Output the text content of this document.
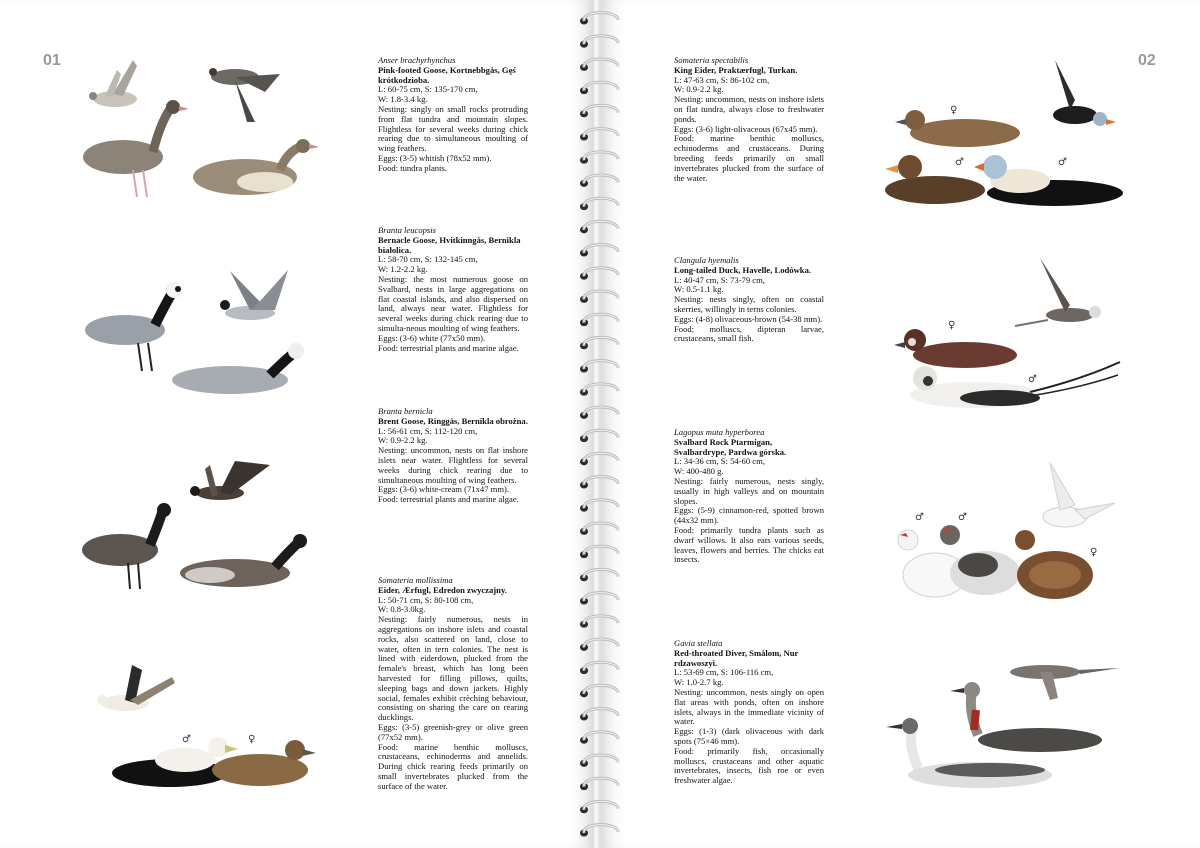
01	02
♂	♀
♀
♂	♂
♀
♂
♂	♂
♀
Anser brachyrhynchus
Pink-footed Goose, Kortnebbgås, Gęś krótkodzioba.
L: 60-75 cm, S: 135-170 cm,
W: 1.8-3.4 kg.
Nesting: singly on small rocks protruding from flat tundra and mountain slopes. Flightless for several weeks during chick rearing due to simultaneous moulting of wing feathers.
Eggs: (3-5) whitish (78x52 mm).
Food: tundra plants.
Branta leucopsis
Bernacle Goose, Hvitkinngås, Bernikla białolica.
L: 58-70 cm, S: 132-145 cm,
W: 1.2-2.2 kg.
Nesting: the most numerous goose on Svalbard, nests in large aggregations on flat coastal islands, and also dispersed on land, always near water. Flightless for several weeks during chick rearing due to simulta-neous moulting of wing feathers.
Eggs: (3-6) white (77x50 mm).
Food: terrestrial plants and marine algae.
Branta bernicla
Brent Goose, Ringgås, Bernikla obrożna.
L: 56-61 cm, S: 112-120 cm,
W: 0.9-2.2 kg.
Nesting: uncommon, nests on flat inshore islets near water. Flightless for several weeks during chick rearing due to simultaneous moulting of wing feathers.
Eggs: (3-6) white-cream (71x47 mm).
Food: terrestrial plants and marine algae.
Somateria mollissima
Eider, Ærfugl, Edredon zwyczajny.
L: 50-71 cm, S: 80-108 cm,
W: 0.8-3.0kg.
Nesting: fairly numerous, nests in aggregations on inshore islets and coastal rocks, also scattered on land, close to water, often in tern colonies. The nest is lined with eiderdown, plucked from the female's breast, which has long been harvested for filling pillows, quilts, sleeping bags and down jackets. Highly social, females exhibit crèching behaviour, consisting on sharing the care on rearing ducklings.
Eggs: (3-5) greenish-grey or olive green (77x52 mm).
Food: marine benthic molluscs, crustaceans, echinoderms and annelids. During chick rearing feeds primarily on small invertebrates plucked from the surface of the water.
Somateria spectabilis
King Eider, Praktærfugl, Turkan.
L: 47-63 cm, S: 86-102 cm,
W: 0.9-2.2 kg.
Nesting: uncommon, nests on inshore islets on flat tundra, always close to freshwater ponds.
Eggs: (3-6) light-olivaceous (67x45 mm).
Food: marine benthic molluscs, echinoderms and crustaceans. During breeding feeds primarily on small invertebrates plucked from the surface of the water.
Clangula hyemalis
Long-tailed Duck, Havelle, Lodówka.
L: 40-47 cm, S: 73-79 cm,
W: 0.5-1.1 kg.
Nesting: nests singly, often on coastal skerries, willingly in terns colonies.
Eggs: (4-8) olivaceous-brown (54-38 mm).
Food: molluscs, dipteran larvae, crustaceans, small fish.
Lagopus muta hyperborea
Svalbard Rock Ptarmigan, Svalbardrype, Pardwa górska.
L: 34-36 cm, S: 54-60 cm,
W: 400-480 g.
Nesting: fairly numerous, nests singly, usually in high valleys and on mountain slopes.
Eggs: (5-9) cinnamon-red, spotted brown (44x32 mm).
Food: primarily tundra plants such as dwarf willows. It also eats various seeds, leaves, flowers and berries. The chicks eat insects.
Gavia stellata
Red-throated Diver, Smålom, Nur rdzawoszyi.
L: 53-69 cm, S: 106-116 cm,
W: 1.0-2.7 kg.
Nesting: uncommon, nests singly on open flat areas with ponds, often on inshore islets, always in the immediate vicinity of water.
Eggs: (1-3) (dark olivaceous with dark spots (75×46 mm).
Food: primarily fish, occasionally molluscs, crustaceans and other aquatic invertebrates, insects, fish roe or even freshwater algae.
